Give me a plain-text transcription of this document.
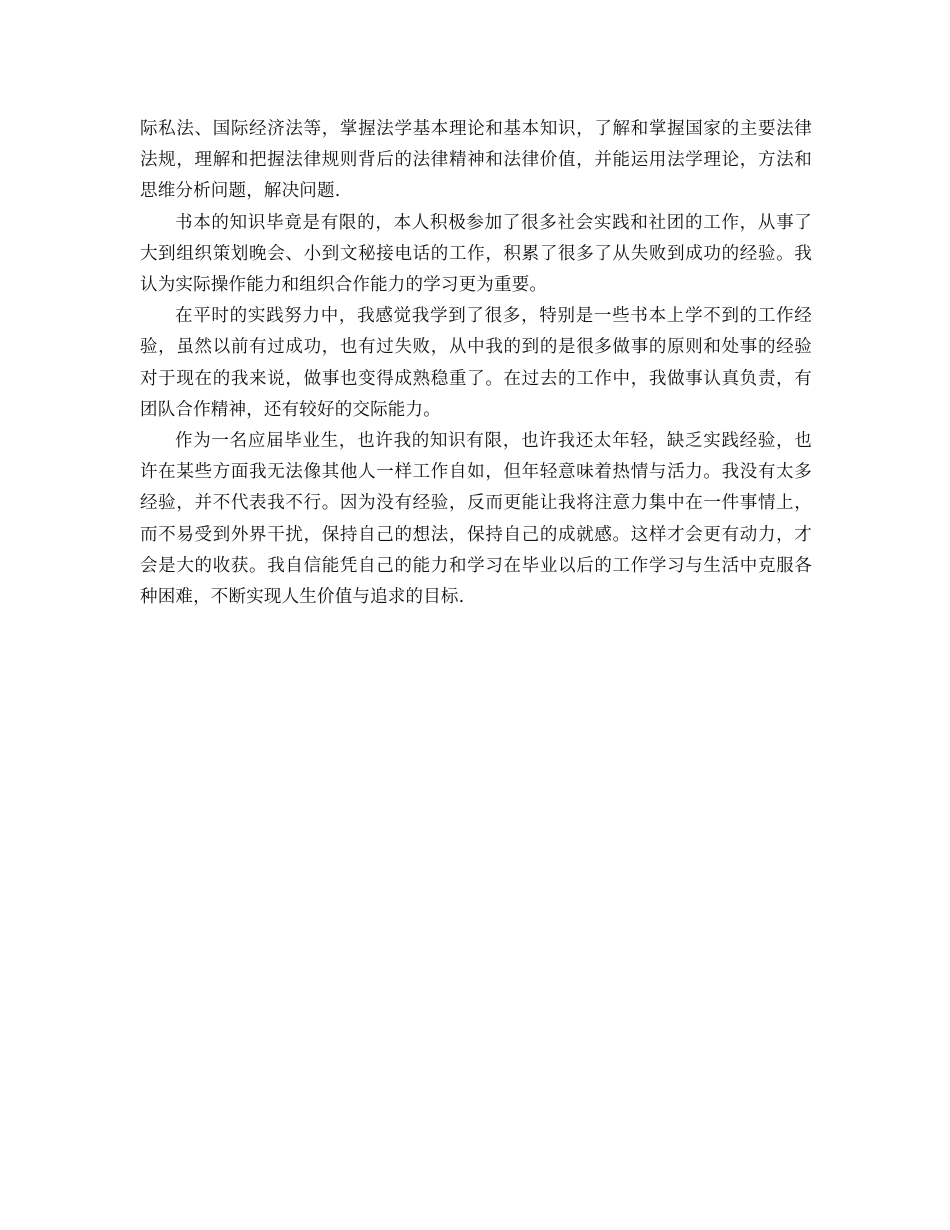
际私法、国际经济法等，掌握法学基本理论和基本知识，了解和掌握国家的主要法律法规，理解和把握法律规则背后的法律精神和法律价值，并能运用法学理论，方法和思维分析问题，解决问题.

书本的知识毕竟是有限的，本人积极参加了很多社会实践和社团的工作，从事了大到组织策划晚会、小到文秘接电话的工作，积累了很多了从失败到成功的经验。我认为实际操作能力和组织合作能力的学习更为重要。

在平时的实践努力中，我感觉我学到了很多，特别是一些书本上学不到的工作经验，虽然以前有过成功，也有过失败，从中我的到的是很多做事的原则和处事的经验对于现在的我来说，做事也变得成熟稳重了。在过去的工作中，我做事认真负责，有团队合作精神，还有较好的交际能力。

作为一名应届毕业生，也许我的知识有限，也许我还太年轻，缺乏实践经验，也许在某些方面我无法像其他人一样工作自如，但年轻意味着热情与活力。我没有太多经验，并不代表我不行。因为没有经验，反而更能让我将注意力集中在一件事情上，而不易受到外界干扰，保持自己的想法，保持自己的成就感。这样才会更有动力，才会是大的收获。我自信能凭自己的能力和学习在毕业以后的工作学习与生活中克服各种困难，不断实现人生价值与追求的目标.
